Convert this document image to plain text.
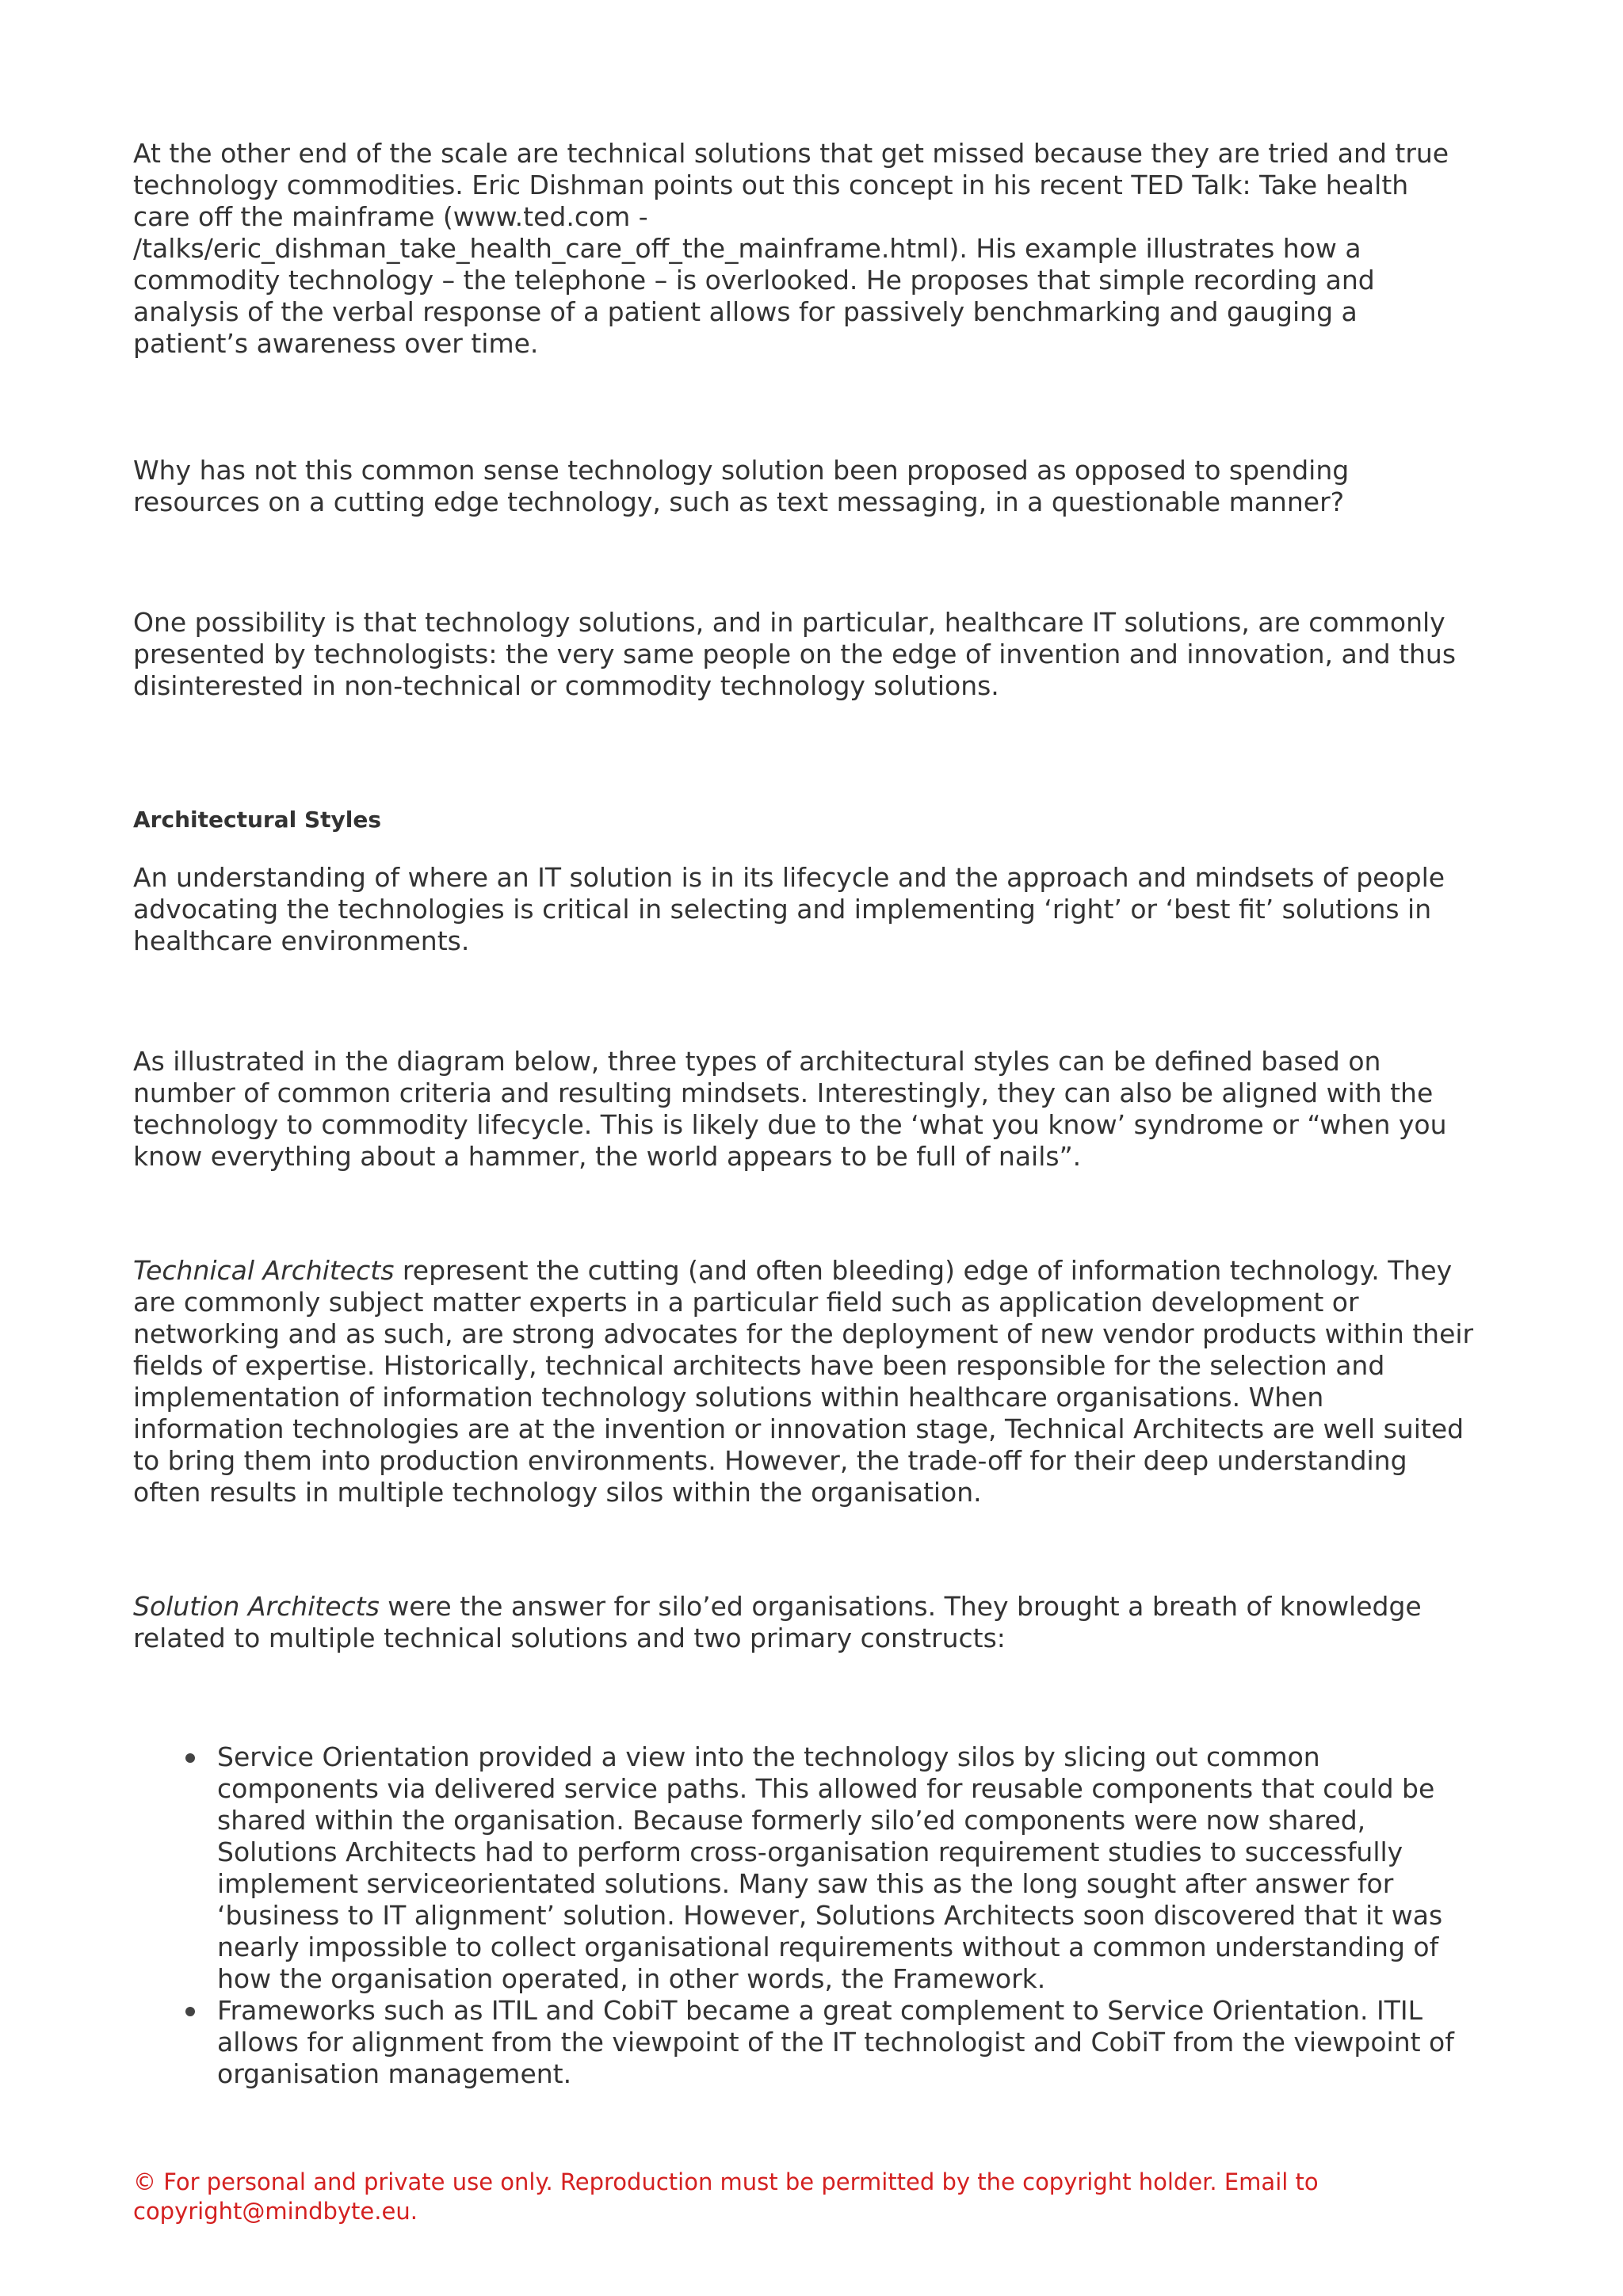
At the other end of the scale are technical solutions that get missed because they are tried and true
technology commodities. Eric Dishman points out this concept in his recent TED Talk: Take health
care off the mainframe (www.ted.com -
/talks/eric_dishman_take_health_care_off_the_mainframe.html). His example illustrates how a
commodity technology – the telephone – is overlooked. He proposes that simple recording and
analysis of the verbal response of a patient allows for passively benchmarking and gauging a
patient’s awareness over time.

Why has not this common sense technology solution been proposed as opposed to spending
resources on a cutting edge technology, such as text messaging, in a questionable manner?

One possibility is that technology solutions, and in particular, healthcare IT solutions, are commonly
presented by technologists: the very same people on the edge of invention and innovation, and thus
disinterested in non-technical or commodity technology solutions.

Architectural Styles

An understanding of where an IT solution is in its lifecycle and the approach and mindsets of people
advocating the technologies is critical in selecting and implementing ‘right’ or ‘best fit’ solutions in
healthcare environments.

As illustrated in the diagram below, three types of architectural styles can be defined based on
number of common criteria and resulting mindsets. Interestingly, they can also be aligned with the
technology to commodity lifecycle. This is likely due to the ‘what you know’ syndrome or “when you
know everything about a hammer, the world appears to be full of nails”.

Technical Architects represent the cutting (and often bleeding) edge of information technology. They
are commonly subject matter experts in a particular field such as application development or
networking and as such, are strong advocates for the deployment of new vendor products within their
fields of expertise. Historically, technical architects have been responsible for the selection and
implementation of information technology solutions within healthcare organisations. When
information technologies are at the invention or innovation stage, Technical Architects are well suited
to bring them into production environments. However, the trade-off for their deep understanding
often results in multiple technology silos within the organisation.

Solution Architects were the answer for silo’ed organisations. They brought a breath of knowledge
related to multiple technical solutions and two primary constructs:

Service Orientation provided a view into the technology silos by slicing out common
components via delivered service paths. This allowed for reusable components that could be
shared within the organisation. Because formerly silo’ed components were now shared,
Solutions Architects had to perform cross-organisation requirement studies to successfully
implement serviceorientated solutions. Many saw this as the long sought after answer for
‘business to IT alignment’ solution. However, Solutions Architects soon discovered that it was
nearly impossible to collect organisational requirements without a common understanding of
how the organisation operated, in other words, the Framework.
Frameworks such as ITIL and CobiT became a great complement to Service Orientation. ITIL
allows for alignment from the viewpoint of the IT technologist and CobiT from the viewpoint of
organisation management.
© For personal and private use only. Reproduction must be permitted by the copyright holder. Email to
copyright@mindbyte.eu.
